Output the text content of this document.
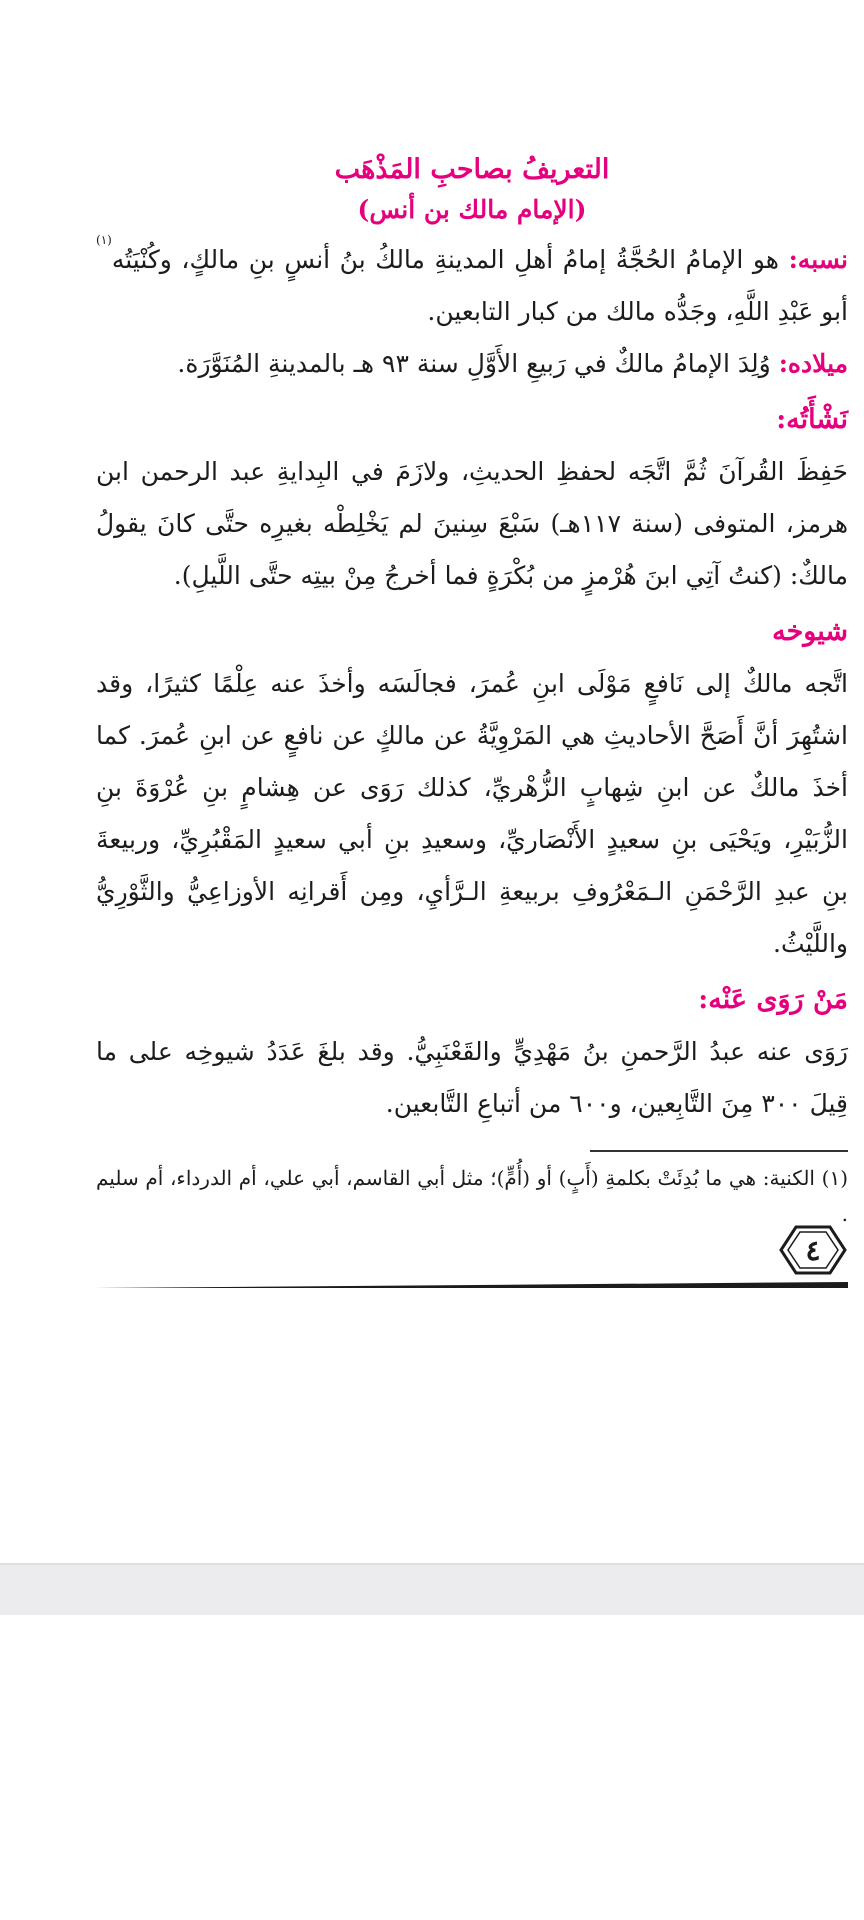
التعريفُ بصاحبِ المَذْهَب
(الإمام مالك بن أنس)

نسبه: هو الإمامُ الحُجَّةُ إمامُ أهلِ المدينةِ مالكُ بنُ أنسٍ بنِ مالكٍ، وكُنْيَتُه$^{(١)}$ أبو عَبْدِ اللَّهِ، وجَدُّه مالك من كبار التابعين.

ميلاده: وُلِدَ الإمامُ مالكٌ في رَبيعِ الأَوَّلِ سنة ٩٣ هـ بالمدينةِ المُنَوَّرَة.

نَشْأَتُه:

حَفِظَ القُرآنَ ثُمَّ اتَّجَه لحفظِ الحديثِ، ولازَمَ في البِدايةِ عبد الرحمن ابن هرمز، المتوفى (سنة ١١٧هـ) سَبْعَ سِنينَ لم يَخْلِطْه بغيرِه حتَّى كانَ يقولُ مالكٌ: (كنتُ آتِي ابنَ هُرْمزٍ من بُكْرَةٍ فما أخرجُ مِنْ بيتِه حتَّى اللَّيلِ).

شيوخه

اتَّجه مالكٌ إلى نَافعٍ مَوْلَى ابنِ عُمرَ، فجالَسَه وأخذَ عنه عِلْمًا كثيرًا، وقد اشتُهِرَ أنَّ أَصَحَّ الأحاديثِ هي المَرْوِيَّةُ عن مالكٍ عن نافعٍ عن ابنِ عُمرَ. كما أخذَ مالكٌ عن ابنِ شِهابٍ الزُّهْريِّ، كذلك رَوَى عن هِشامٍ بنِ عُرْوَةَ بنِ الزُّبَيْرِ، ويَحْيَى بنِ سعيدٍ الأَنْصَاريِّ، وسعيدِ بنِ أبي سعيدٍ المَقْبُرِيِّ، وربيعةَ بنِ عبدِ الرَّحْمَنِ الـمَعْرُوفِ بربيعةِ الـرَّأيِ، ومِن أَقرانِه الأوزاعِيُّ والثَّوْرِيُّ واللَّيْثُ.

مَنْ رَوَى عَنْه:

رَوَى عنه عبدُ الرَّحمنِ بنُ مَهْدِيٍّ والقَعْنَبِيُّ. وقد بلغَ عَدَدُ شيوخِه على ما قِيلَ ٣٠٠ مِنَ التَّابِعين، و٦٠٠ من أتباعِ التَّابعين.

(١) الكنية: هي ما بُدِئَتْ بكلمةِ (أَبٍ) أو (أُمٍّ)؛ مثل أبي القاسم، أبي علي، أم الدرداء، أم سليم .

٤
